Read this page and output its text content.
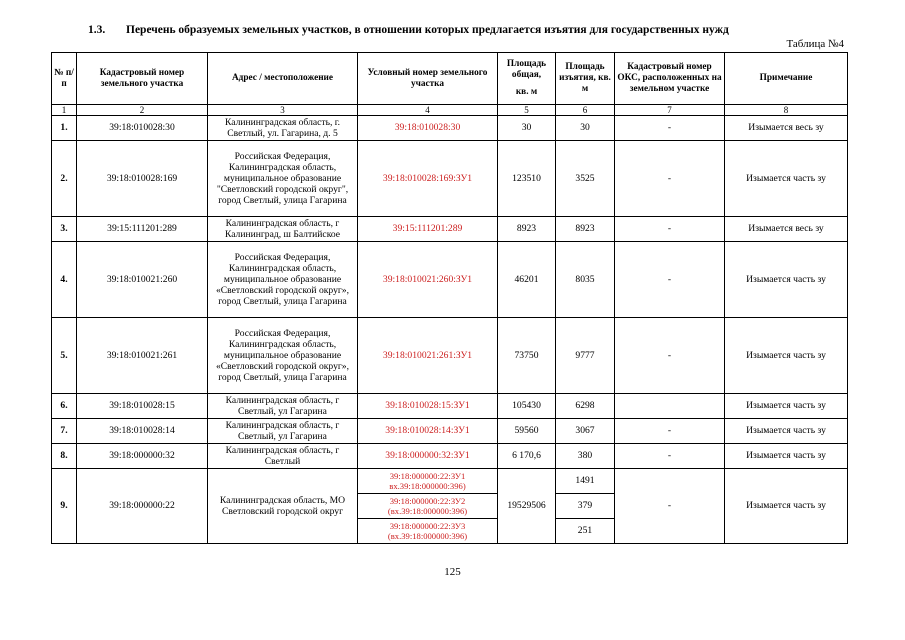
1.3. Перечень образуемых земельных участков, в отношении которых предлагается изъятия для государственных нужд
Таблица №4
№ п/ п	Кадастровый номер земельного участка	Адрес / местоположение	Условный номер земельного участка	Площадь общая,
кв. м	Площадь изъятия, кв. м	Кадастровый номер ОКС, расположенных на земельном участке	Примечание
1	2	3	4	5	6	7	8
1.	39:18:010028:30	Калининградская область, г. Светлый, ул. Гагарина, д. 5	39:18:010028:30	30	30	-	Изымается весь зу
2.	39:18:010028:169	Российская Федерация, Калининградская область, муниципальное образование "Светловский городской округ", город Светлый, улица Гагарина	39:18:010028:169:ЗУ1	123510	3525	-	Изымается часть зу
3.	39:15:111201:289	Калининградская область, г Калининград, ш Балтийское	39:15:111201:289	8923	8923	-	Изымается весь зу
4.	39:18:010021:260	Российская Федерация, Калининградская область, муниципальное образование «Светловский городской округ», город Светлый, улица Гагарина	39:18:010021:260:ЗУ1	46201	8035	-	Изымается часть зу
5.	39:18:010021:261	Российская Федерация, Калининградская область, муниципальное образование «Светловский городской округ», город Светлый, улица Гагарина	39:18:010021:261:ЗУ1	73750	9777	-	Изымается часть зу
6.	39:18:010028:15	Калининградская область, г Светлый, ул Гагарина	39:18:010028:15:ЗУ1	105430	6298		Изымается часть зу
7.	39:18:010028:14	Калининградская область, г Светлый, ул Гагарина	39:18:010028:14:ЗУ1	59560	3067	-	Изымается часть зу
8.	39:18:000000:32	Калининградская область, г Светлый	39:18:000000:32:ЗУ1	6 170,6	380	-	Изымается часть зу
9.	39:18:000000:22	Калининградская область, МО Светловский городской округ	39:18:000000:22:ЗУ1 вх.39:18:000000:396)	19529506	1491	-	Изымается часть зу
			39:18:000000:22:ЗУ2 (вх.39:18:000000:396)		379		
			39:18:000000:22:ЗУ3 (вх.39:18:000000:396)		251		
125
